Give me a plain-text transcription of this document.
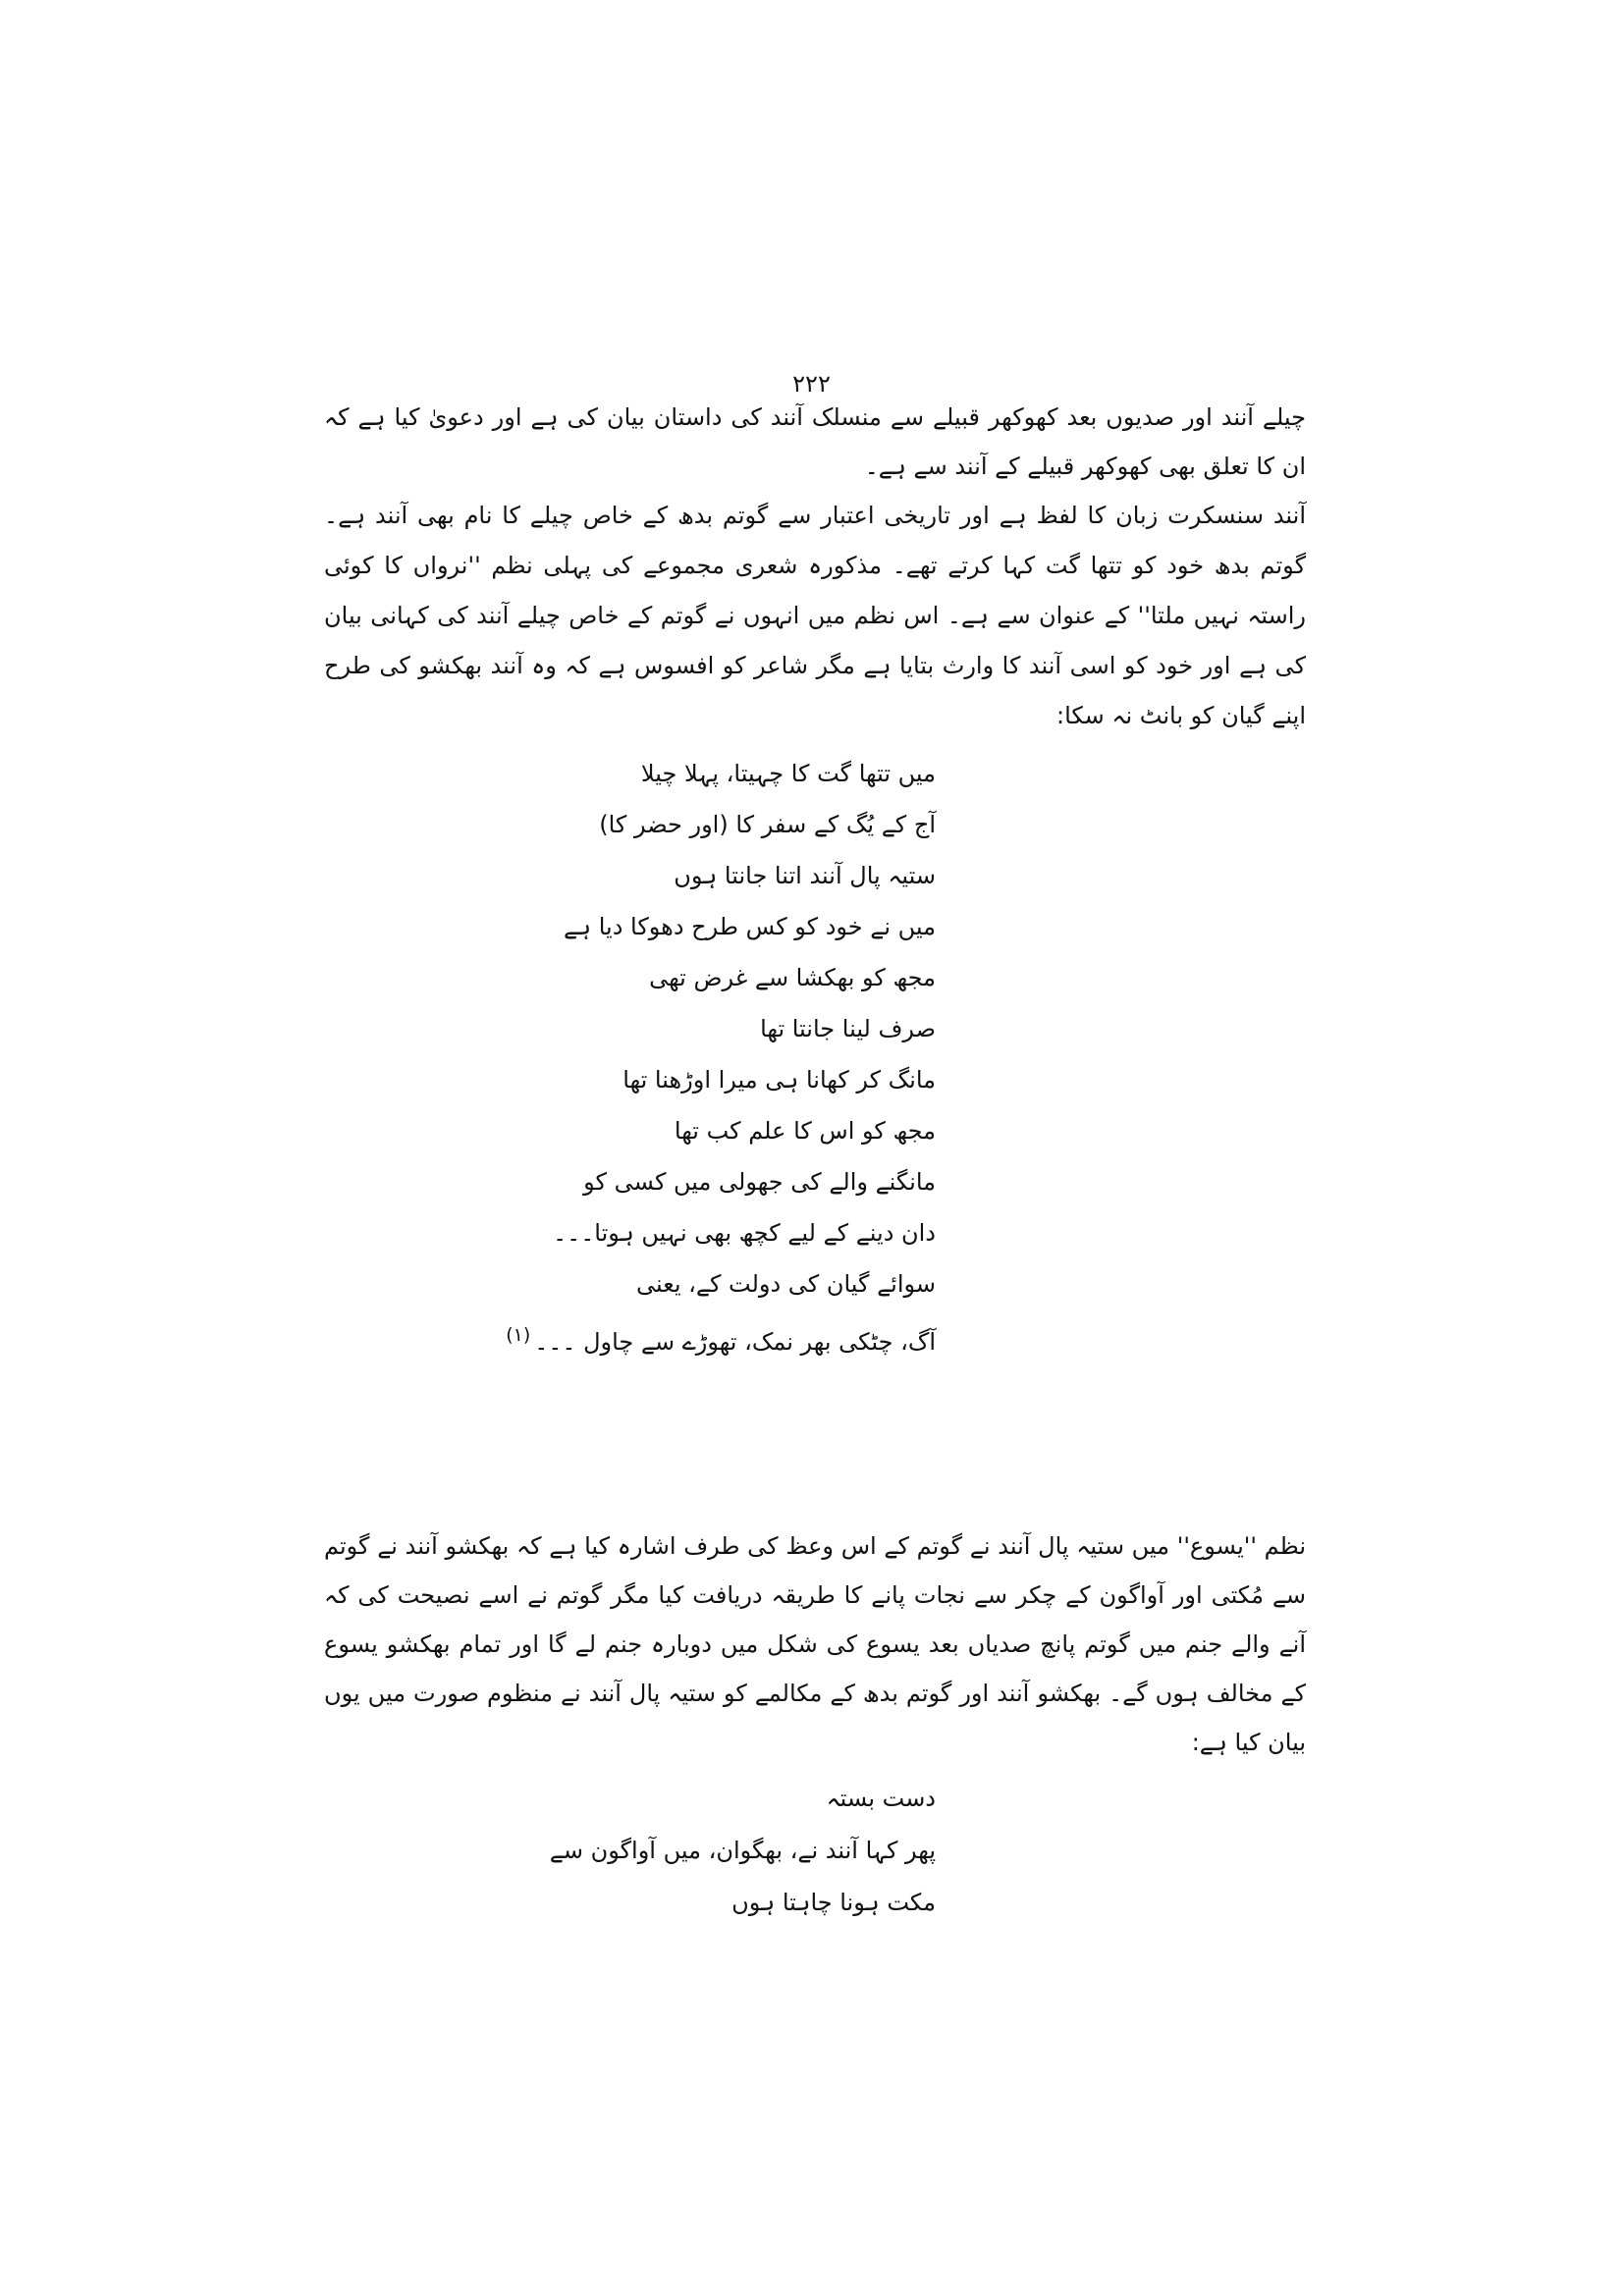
۲۲۲

چیلے آنند اور صدیوں بعد کھوکھر قبیلے سے منسلک آنند کی داستان بیان کی ہے اور دعویٰ کیا ہے کہ ان کا تعلق بھی کھوکھر قبیلے کے آنند سے ہے۔

آنند سنسکرت زبان کا لفظ ہے اور تاریخی اعتبار سے گوتم بدھ کے خاص چیلے کا نام بھی آنند ہے۔ گوتم بدھ خود کو تتھا گت کہا کرتے تھے۔ مذکورہ شعری مجموعے کی پہلی نظم ''نرواں کا کوئی راستہ نہیں ملتا'' کے عنوان سے ہے۔ اس نظم میں انہوں نے گوتم کے خاص چیلے آنند کی کہانی بیان کی ہے اور خود کو اسی آنند کا وارث بتایا ہے مگر شاعر کو افسوس ہے کہ وہ آنند بھکشو کی طرح اپنے گیان کو بانٹ نہ سکا:

میں تتھا گت کا چہیتا، پہلا چیلا
آج کے یُگ کے سفر کا (اور حضر کا)
ستیہ پال آنند اتنا جانتا ہوں
میں نے خود کو کس طرح دھوکا دیا ہے
مجھ کو بھکشا سے غرض تھی
صرف لینا جانتا تھا
مانگ کر کھانا ہی میرا اوڑھنا تھا
مجھ کو اس کا علم کب تھا
مانگنے والے کی جھولی میں کسی کو
دان دینے کے لیے کچھ بھی نہیں ہوتا۔۔۔
سوائے گیان کی دولت کے، یعنی
آگ، چٹکی بھر نمک، تھوڑے سے چاول ۔۔۔$^{(۱)}$

نظم ''یسوع'' میں ستیہ پال آنند نے گوتم کے اس وعظ کی طرف اشارہ کیا ہے کہ بھکشو آنند نے گوتم سے مُکتی اور آواگون کے چکر سے نجات پانے کا طریقہ دریافت کیا مگر گوتم نے اسے نصیحت کی کہ آنے والے جنم میں گوتم پانچ صدیاں بعد یسوع کی شکل میں دوبارہ جنم لے گا اور تمام بھکشو یسوع کے مخالف ہوں گے۔ بھکشو آنند اور گوتم بدھ کے مکالمے کو ستیہ پال آنند نے منظوم صورت میں یوں بیان کیا ہے:

دست بستہ
پھر کہا آنند نے، بھگوان، میں آواگون سے
مکت ہونا چاہتا ہوں
